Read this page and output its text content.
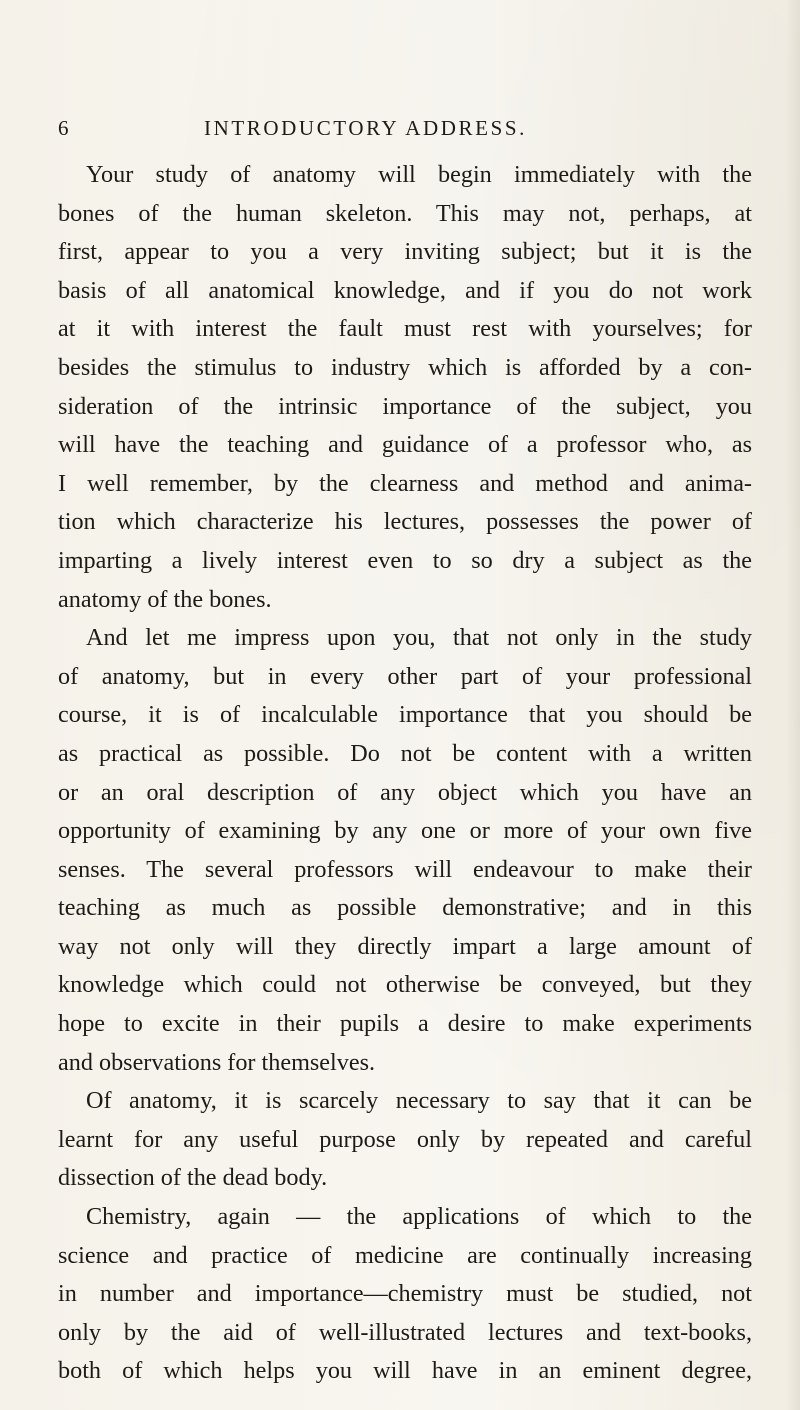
6	INTRODUCTORY ADDRESS.
Your study of anatomy will begin immediately with the
bones of the human skeleton. This may not, perhaps, at
first, appear to you a very inviting subject; but it is the
basis of all anatomical knowledge, and if you do not work
at it with interest the fault must rest with yourselves; for
besides the stimulus to industry which is afforded by a con-
sideration of the intrinsic importance of the subject, you
will have the teaching and guidance of a professor who, as
I well remember, by the clearness and method and anima-
tion which characterize his lectures, possesses the power of
imparting a lively interest even to so dry a subject as the
anatomy of the bones.
And let me impress upon you, that not only in the study
of anatomy, but in every other part of your professional
course, it is of incalculable importance that you should be
as practical as possible. Do not be content with a written
or an oral description of any object which you have an
opportunity of examining by any one or more of your own five
senses. The several professors will endeavour to make their
teaching as much as possible demonstrative; and in this
way not only will they directly impart a large amount of
knowledge which could not otherwise be conveyed, but they
hope to excite in their pupils a desire to make experiments
and observations for themselves.
Of anatomy, it is scarcely necessary to say that it can be
learnt for any useful purpose only by repeated and careful
dissection of the dead body.
Chemistry, again — the applications of which to the
science and practice of medicine are continually increasing
in number and importance—chemistry must be studied, not
only by the aid of well-illustrated lectures and text-books,
both of which helps you will have in an eminent degree,
